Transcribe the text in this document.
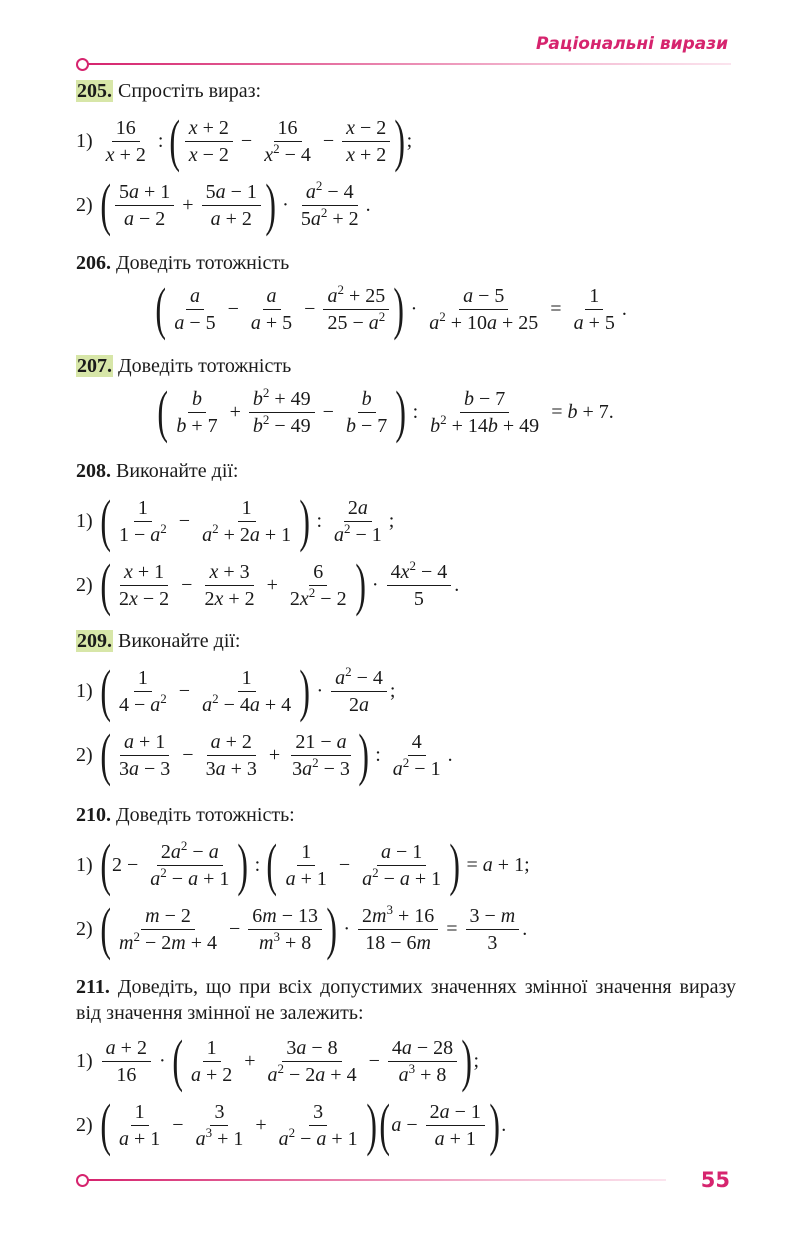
Раціональні вирази
205. Спростіть вираз:
$1) \frac{16}{x + 2}$ : ( $\frac{x + 2}{x - 2} - \frac{16}{x^2 - 4} - \frac{x - 2}{x + 2}$ ) ;
2) ( $\frac{5a + 1}{a - 2} + \frac{5a - 1}{a + 2}$ ) · $\frac{a^2 - 4}{5a^2 + 2}$ .
206. Доведіть тотожність
( $\frac{a}{a - 5} - \frac{a}{a + 5} - \frac{a^2 + 25}{25 - a^2}$ ) · $\frac{a - 5}{a^2 + 10a + 25} = \frac{1}{a + 5}$ .
207. Доведіть тотожність
( $\frac{b}{b + 7} + \frac{b^2 + 49}{b^2 - 49} - \frac{b}{b - 7}$ ) : $\frac{b - 7}{b^2 + 14b + 49} = b + 7$.
208. Виконайте дії:
1) ( $\frac{1}{1 - a^2} - \frac{1}{a^2 + 2a + 1}$ ) : $\frac{2a}{a^2 - 1}$ ;
2) ( $\frac{x + 1}{2x - 2} - \frac{x + 3}{2x + 2} + \frac{6}{2x^2 - 2}$ ) · $\frac{4x^2 - 4}{5}$ .
209. Виконайте дії:
1) ( $\frac{1}{4 - a^2} - \frac{1}{a^2 - 4a + 4}$ ) · $\frac{a^2 - 4}{2a}$ ;
2) ( $\frac{a + 1}{3a - 3} - \frac{a + 2}{3a + 3} + \frac{21 - a}{3a^2 - 3}$ ) : $\frac{4}{a^2 - 1}$ .
210. Доведіть тотожність:
1) ( $2 - \frac{2a^2 - a}{a^2 - a + 1}$ ) : ( $\frac{1}{a + 1} - \frac{a - 1}{a^2 - a + 1}$ ) = a + 1;
2) ( $\frac{m - 2}{m^2 - 2m + 4} - \frac{6m - 13}{m^3 + 8}$ ) · $\frac{2m^3 + 16}{18 - 6m} = \frac{3 - m}{3}$ .
211. Доведіть, що при всіх допустимих значеннях змінної значення виразу від значення змінної не залежить:
$1) \frac{a + 2}{16}$ · ( $\frac{1}{a + 2} + \frac{3a - 8}{a^2 - 2a + 4} - \frac{4a - 28}{a^3 + 8}$ ) ;
2) ( $\frac{1}{a + 1} - \frac{3}{a^3 + 1} + \frac{3}{a^2 - a + 1}$ ) ( $a - \frac{2a - 1}{a + 1}$ ) .
55
